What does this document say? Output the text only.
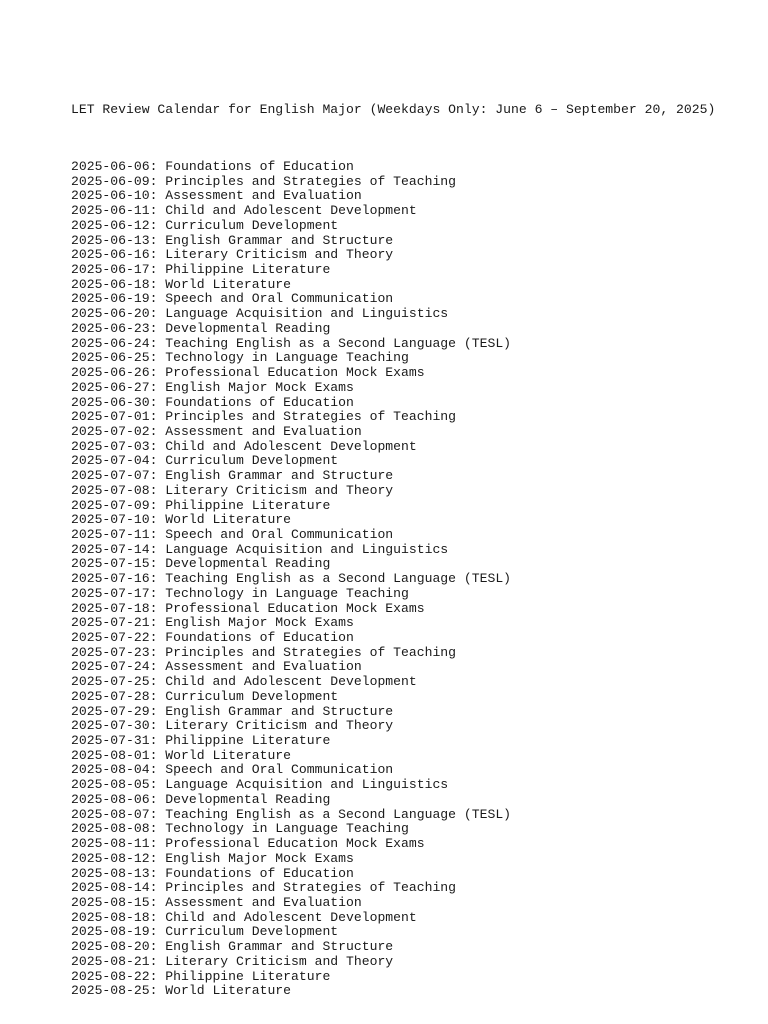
LET Review Calendar for English Major (Weekdays Only: June 6 – September 20, 2025)

2025-06-06: Foundations of Education
2025-06-09: Principles and Strategies of Teaching
2025-06-10: Assessment and Evaluation
2025-06-11: Child and Adolescent Development
2025-06-12: Curriculum Development
2025-06-13: English Grammar and Structure
2025-06-16: Literary Criticism and Theory
2025-06-17: Philippine Literature
2025-06-18: World Literature
2025-06-19: Speech and Oral Communication
2025-06-20: Language Acquisition and Linguistics
2025-06-23: Developmental Reading
2025-06-24: Teaching English as a Second Language (TESL)
2025-06-25: Technology in Language Teaching
2025-06-26: Professional Education Mock Exams
2025-06-27: English Major Mock Exams
2025-06-30: Foundations of Education
2025-07-01: Principles and Strategies of Teaching
2025-07-02: Assessment and Evaluation
2025-07-03: Child and Adolescent Development
2025-07-04: Curriculum Development
2025-07-07: English Grammar and Structure
2025-07-08: Literary Criticism and Theory
2025-07-09: Philippine Literature
2025-07-10: World Literature
2025-07-11: Speech and Oral Communication
2025-07-14: Language Acquisition and Linguistics
2025-07-15: Developmental Reading
2025-07-16: Teaching English as a Second Language (TESL)
2025-07-17: Technology in Language Teaching
2025-07-18: Professional Education Mock Exams
2025-07-21: English Major Mock Exams
2025-07-22: Foundations of Education
2025-07-23: Principles and Strategies of Teaching
2025-07-24: Assessment and Evaluation
2025-07-25: Child and Adolescent Development
2025-07-28: Curriculum Development
2025-07-29: English Grammar and Structure
2025-07-30: Literary Criticism and Theory
2025-07-31: Philippine Literature
2025-08-01: World Literature
2025-08-04: Speech and Oral Communication
2025-08-05: Language Acquisition and Linguistics
2025-08-06: Developmental Reading
2025-08-07: Teaching English as a Second Language (TESL)
2025-08-08: Technology in Language Teaching
2025-08-11: Professional Education Mock Exams
2025-08-12: English Major Mock Exams
2025-08-13: Foundations of Education
2025-08-14: Principles and Strategies of Teaching
2025-08-15: Assessment and Evaluation
2025-08-18: Child and Adolescent Development
2025-08-19: Curriculum Development
2025-08-20: English Grammar and Structure
2025-08-21: Literary Criticism and Theory
2025-08-22: Philippine Literature
2025-08-25: World Literature
